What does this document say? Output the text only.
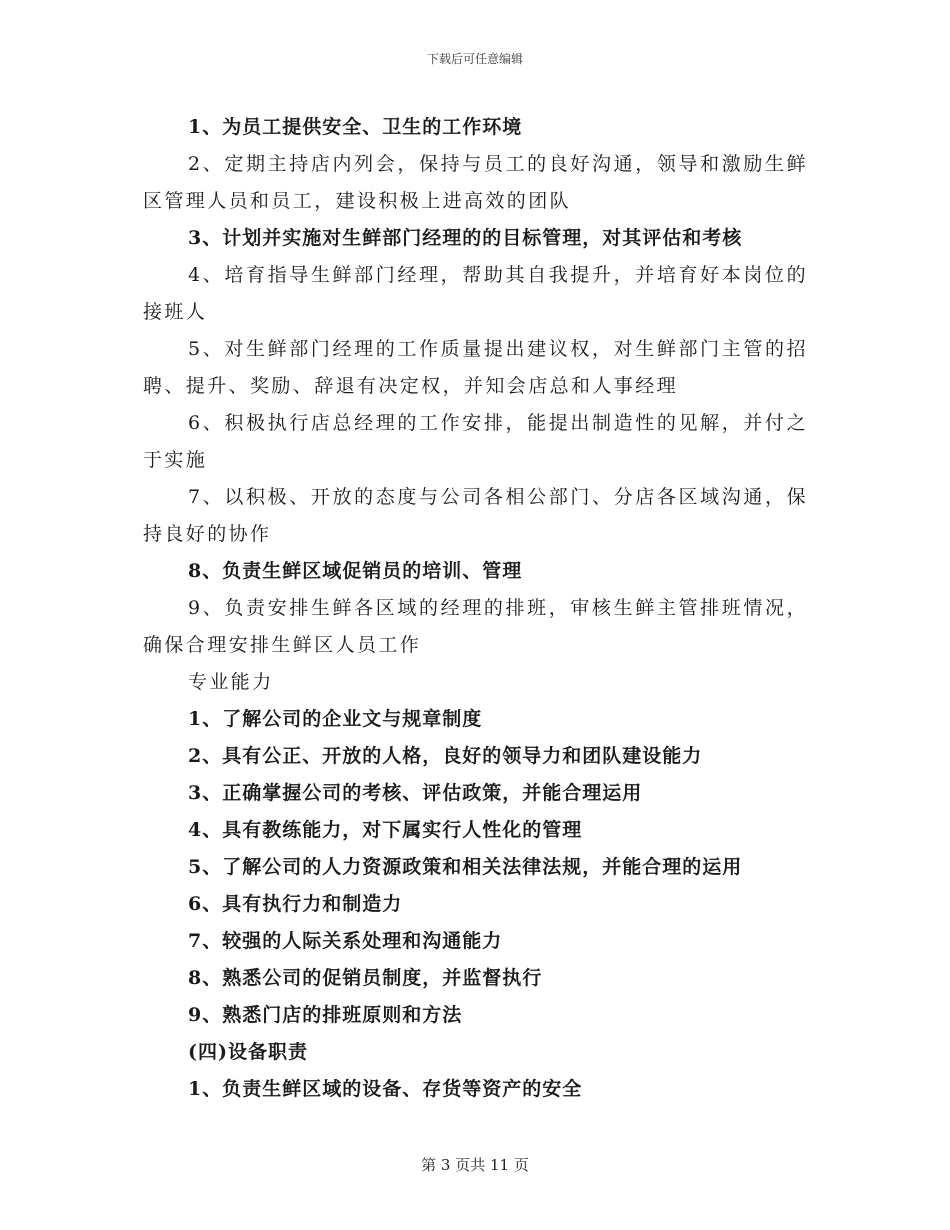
下载后可任意编辑

1、为员工提供安全、卫生的工作环境

2、定期主持店内列会，保持与员工的良好沟通，领导和激励生鲜区管理人员和员工，建设积极上进高效的团队

3、计划并实施对生鲜部门经理的的目标管理，对其评估和考核

4、培育指导生鲜部门经理，帮助其自我提升，并培育好本岗位的接班人

5、对生鲜部门经理的工作质量提出建议权，对生鲜部门主管的招聘、提升、奖励、辞退有决定权，并知会店总和人事经理

6、积极执行店总经理的工作安排，能提出制造性的见解，并付之于实施

7、以积极、开放的态度与公司各相公部门、分店各区域沟通，保持良好的协作

8、负责生鲜区域促销员的培训、管理

9、负责安排生鲜各区域的经理的排班，审核生鲜主管排班情况，确保合理安排生鲜区人员工作

专业能力

1、了解公司的企业文与规章制度

2、具有公正、开放的人格，良好的领导力和团队建设能力

3、正确掌握公司的考核、评估政策，并能合理运用

4、具有教练能力，对下属实行人性化的管理

5、了解公司的人力资源政策和相关法律法规，并能合理的运用

6、具有执行力和制造力

7、较强的人际关系处理和沟通能力

8、熟悉公司的促销员制度，并监督执行

9、熟悉门店的排班原则和方法

(四)设备职责

1、负责生鲜区域的设备、存货等资产的安全

第 3 页共 11 页
